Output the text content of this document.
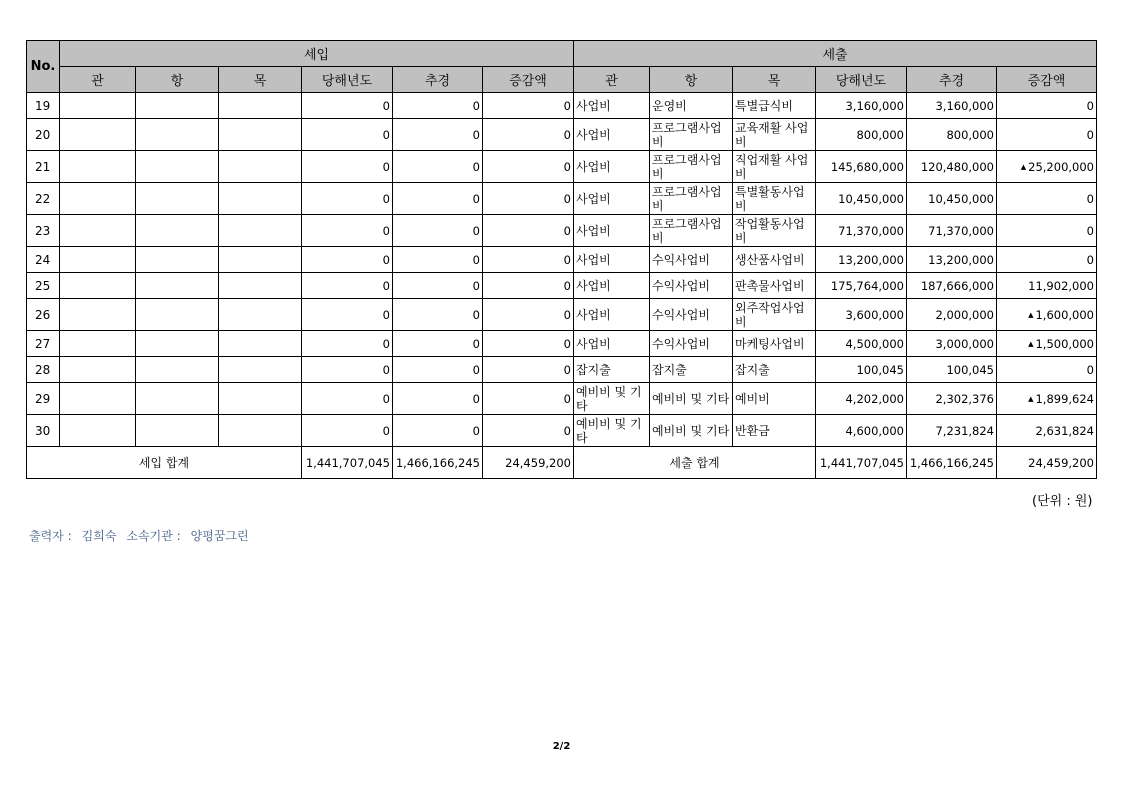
No.	세입						세출					
	관	항	목	당해년도	추경	증감액	관	항	목	당해년도	추경	증감액
19				0	0	0	사업비	운영비	특별급식비	3,160,000	3,160,000	0
20				0	0	0	사업비	프로그램사업비	교육재활 사업비	800,000	800,000	0
21				0	0	0	사업비	프로그램사업비	직업재활 사업비	145,680,000	120,480,000	▲ 25,200,000
22				0	0	0	사업비	프로그램사업비	특별활동사업비	10,450,000	10,450,000	0
23				0	0	0	사업비	프로그램사업비	작업활동사업비	71,370,000	71,370,000	0
24				0	0	0	사업비	수익사업비	생산품사업비	13,200,000	13,200,000	0
25				0	0	0	사업비	수익사업비	판촉물사업비	175,764,000	187,666,000	11,902,000
26				0	0	0	사업비	수익사업비	외주작업사업비	3,600,000	2,000,000	▲ 1,600,000
27				0	0	0	사업비	수익사업비	마케팅사업비	4,500,000	3,000,000	▲ 1,500,000
28				0	0	0	잡지출	잡지출	잡지출	100,045	100,045	0
29				0	0	0	예비비 및 기타	예비비 및 기타	예비비	4,202,000	2,302,376	▲ 1,899,624
30				0	0	0	예비비 및 기타	예비비 및 기타	반환금	4,600,000	7,231,824	2,631,824
세입 합계				1,441,707,045	1,466,166,245	24,459,200	세출 합계			1,441,707,045	1,466,166,245	24,459,200
(단위 : 원)
출력자 : 김희숙 소속기관 : 양평꿈그린
2/2
